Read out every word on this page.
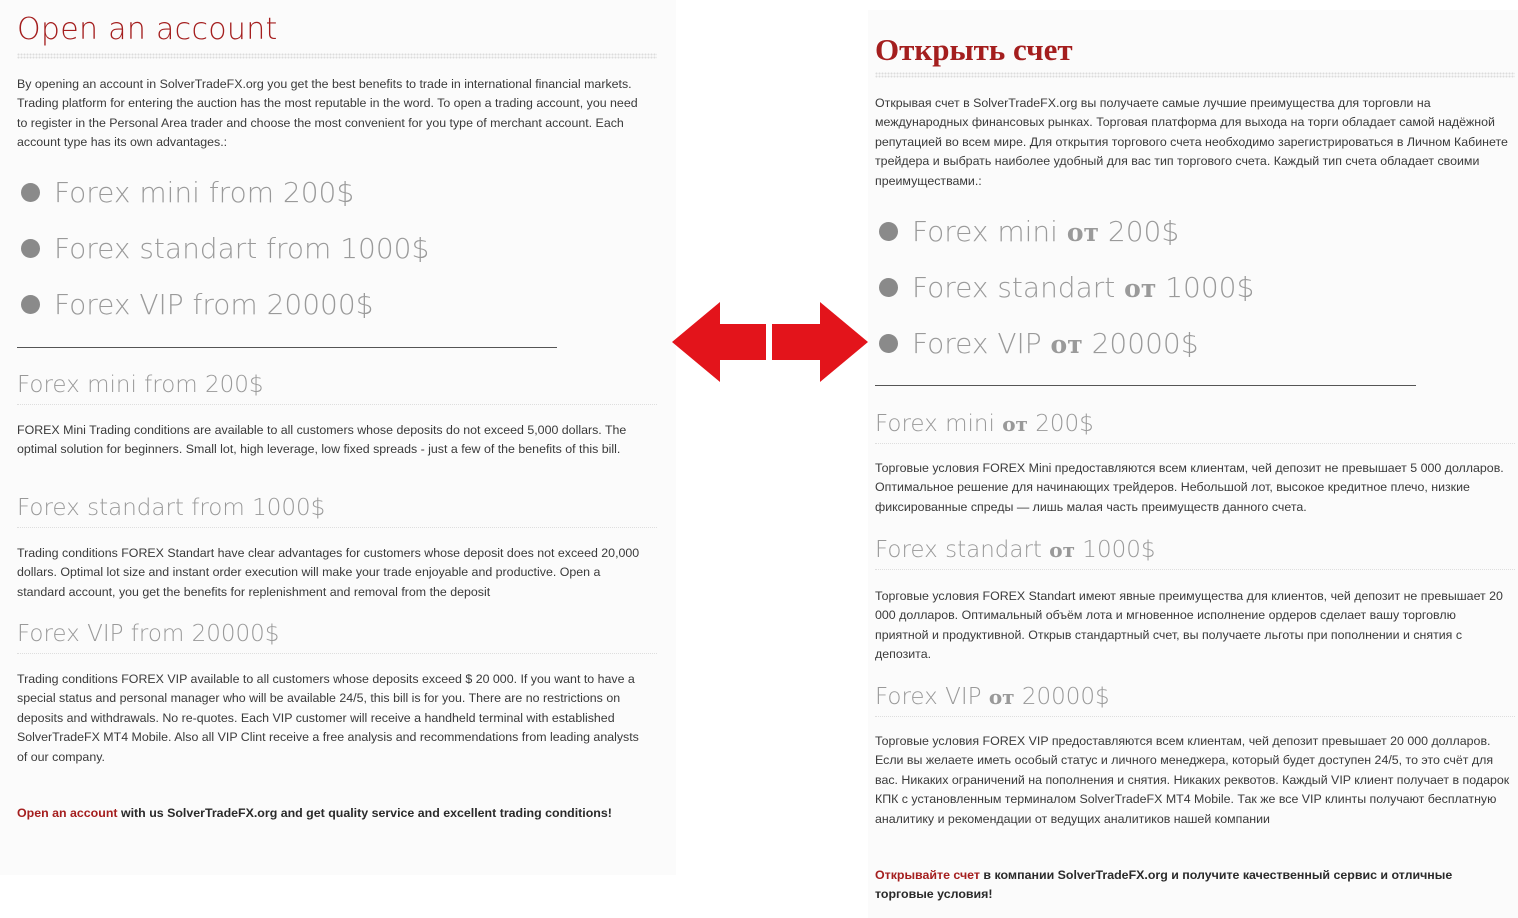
Open an account

By opening an account in SolverTradeFX.org you get the best benefits to trade in international financial markets. Trading platform for entering the auction has the most reputable in the word. To open a trading account, you need to register in the Personal Area trader and choose the most convenient for you type of merchant account. Each account type has its own advantages.:

Forex mini from 200$
Forex standart from 1000$
Forex VIP from 20000$
Forex mini from 200$

FOREX Mini Trading conditions are available to all customers whose deposits do not exceed 5,000 dollars. The optimal solution for beginners. Small lot, high leverage, low fixed spreads - just a few of the benefits of this bill.

Forex standart from 1000$

Trading conditions FOREX Standart have clear advantages for customers whose deposit does not exceed 20,000 dollars. Optimal lot size and instant order execution will make your trade enjoyable and productive. Open a standard account, you get the benefits for replenishment and removal from the deposit

Forex VIP from 20000$

Trading conditions FOREX VIP available to all customers whose deposits exceed $ 20 000. If you want to have a special status and personal manager who will be available 24/5, this bill is for you. There are no restrictions on deposits and withdrawals. No re-quotes. Each VIP customer will receive a handheld terminal with established SolverTradeFX MT4 Mobile. Also all VIP Clint receive a free analysis and recommendations from leading analysts of our company.

Open an account with us SolverTradeFX.org and get quality service and excellent trading conditions!

Открыть счет

Открывая счет в SolverTradeFX.org вы получаете самые лучшие преимущества для торговли на международных финансовых рынках. Торговая платформа для выхода на торги обладает самой надёжной репутацией во всем мире. Для открытия торгового счета необходимо зарегистрироваться в Личном Кабинете трейдера и выбрать наиболее удобный для вас тип торгового счета. Каждый тип счета обладает своими преимуществами.:

Forex mini от 200$
Forex standart от 1000$
Forex VIP от 20000$
Forex mini от 200$

Торговые условия FOREX Mini предоставляются всем клиентам, чей депозит не превышает 5 000 долларов. Оптимальное решение для начинающих трейдеров. Небольшой лот, высокое кредитное плечо, низкие фиксированные спреды — лишь малая часть преимуществ данного счета.

Forex standart от 1000$

Торговые условия FOREX Standart имеют явные преимущества для клиентов, чей депозит не превышает 20 000 долларов. Оптимальный объём лота и мгновенное исполнение ордеров сделает вашу торговлю приятной и продуктивной. Открыв стандартный счет, вы получаете льготы при пополнении и снятия с депозита.

Forex VIP от 20000$

Торговые условия FOREX VIP предоставляются всем клиентам, чей депозит превышает 20 000 долларов. Если вы желаете иметь особый статус и личного менеджера, который будет доступен 24/5, то это счёт для вас. Никаких ограничений на пополнения и снятия. Никаких реквотов. Каждый VIP клиент получает в подарок КПК с установленным терминалом SolverTradeFX MT4 Mobile. Так же все VIP клинты получают бесплатную аналитику и рекомендации от ведущих аналитиков нашей компании

Открывайте счет в компании SolverTradeFX.org и получите качественный сервис и отличные торговые условия!
